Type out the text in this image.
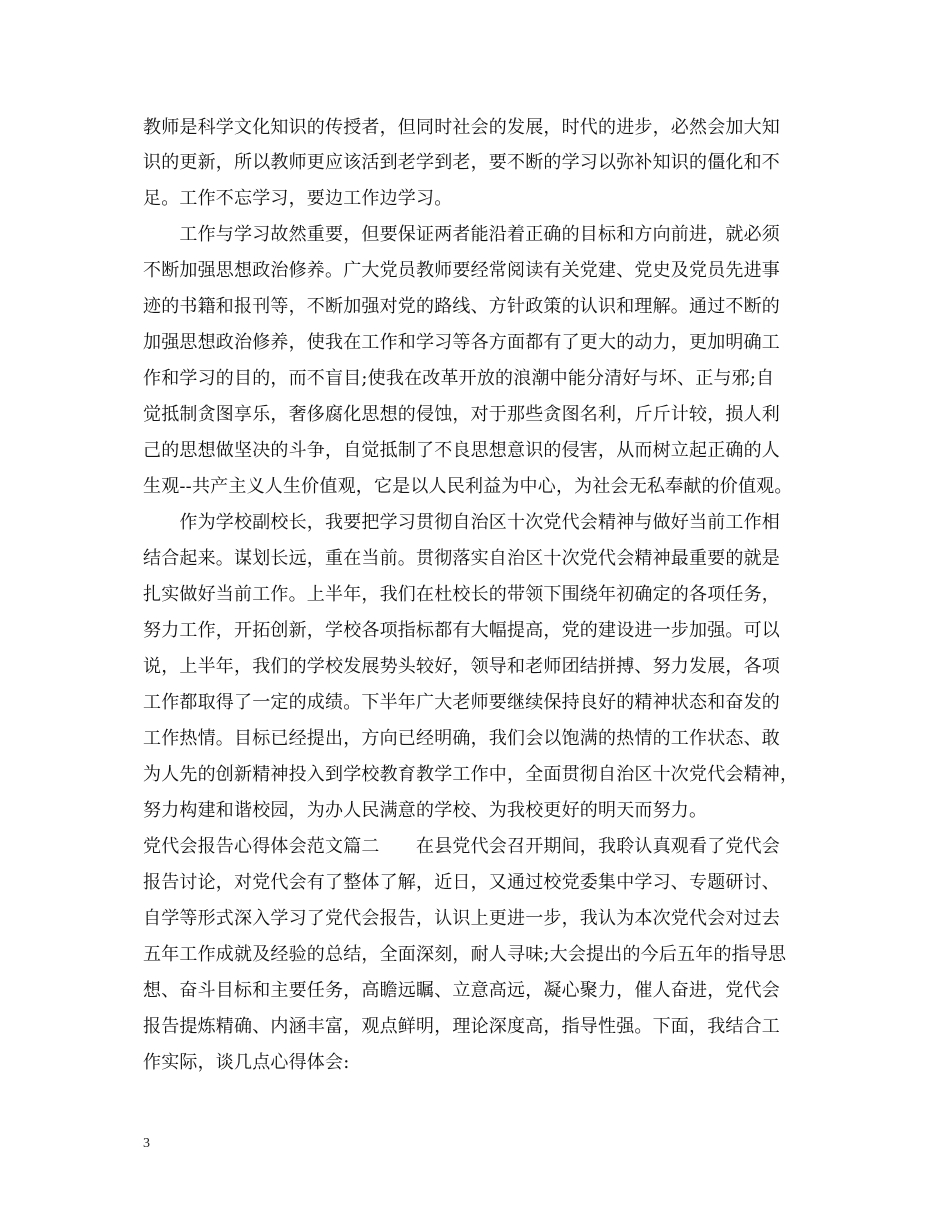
教师是科学文化知识的传授者，但同时社会的发展，时代的进步，必然会加大知
识的更新，所以教师更应该活到老学到老，要不断的学习以弥补知识的僵化和不
足。工作不忘学习，要边工作边学习。
　　工作与学习故然重要，但要保证两者能沿着正确的目标和方向前进，就必须
不断加强思想政治修养。广大党员教师要经常阅读有关党建、党史及党员先进事
迹的书籍和报刊等，不断加强对党的路线、方针政策的认识和理解。通过不断的
加强思想政治修养，使我在工作和学习等各方面都有了更大的动力，更加明确工
作和学习的目的，而不盲目;使我在改革开放的浪潮中能分清好与坏、正与邪;自
觉抵制贪图享乐，奢侈腐化思想的侵蚀，对于那些贪图名利，斤斤计较，损人利
己的思想做坚决的斗争，自觉抵制了不良思想意识的侵害，从而树立起正确的人
生观--共产主义人生价值观，它是以人民利益为中心，为社会无私奉献的价值观。
　　作为学校副校长，我要把学习贯彻自治区十次党代会精神与做好当前工作相
结合起来。谋划长远，重在当前。贯彻落实自治区十次党代会精神最重要的就是
扎实做好当前工作。上半年，我们在杜校长的带领下围绕年初确定的各项任务，
努力工作，开拓创新，学校各项指标都有大幅提高，党的建设进一步加强。可以
说，上半年，我们的学校发展势头较好，领导和老师团结拼搏、努力发展，各项
工作都取得了一定的成绩。下半年广大老师要继续保持良好的精神状态和奋发的
工作热情。目标已经提出，方向已经明确，我们会以饱满的热情的工作状态、敢
为人先的创新精神投入到学校教育教学工作中，全面贯彻自治区十次党代会精神，
努力构建和谐校园，为办人民满意的学校、为我校更好的明天而努力。
党代会报告心得体会范文篇二　　在县党代会召开期间，我聆认真观看了党代会
报告讨论，对党代会有了整体了解，近日，又通过校党委集中学习、专题研讨、
自学等形式深入学习了党代会报告，认识上更进一步，我认为本次党代会对过去
五年工作成就及经验的总结，全面深刻，耐人寻味;大会提出的今后五年的指导思
想、奋斗目标和主要任务，高瞻远瞩、立意高远，凝心聚力，催人奋进，党代会
报告提炼精确、内涵丰富，观点鲜明，理论深度高，指导性强。下面，我结合工
作实际，谈几点心得体会:
3
